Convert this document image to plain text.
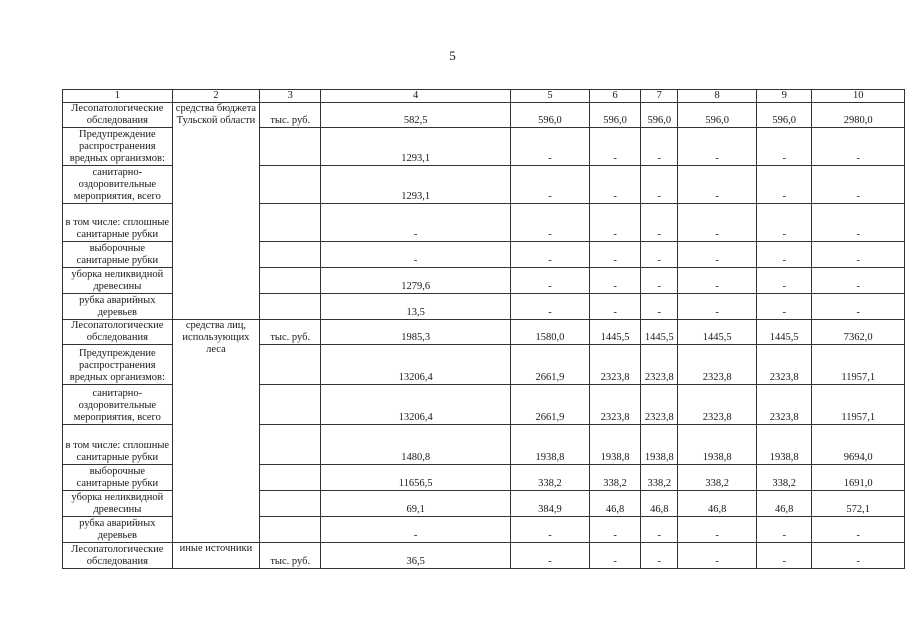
5
1	2	3	4	5	6	7	8	9	10
Лесопатологические обследования	средства бюджета Тульской области	тыс. руб.	582,5	596,0	596,0	596,0	596,0	596,0	2980,0
Предупреждение распространения вредных организмов:			1293,1	-	-	-	-	-	-
санитарно-оздоровительные мероприятия, всего			1293,1	-	-	-	-	-	-
в том числе: сплошные санитарные рубки			-	-	-	-	-	-	-
выборочные санитарные рубки			-	-	-	-	-	-	-
уборка неликвидной древесины			1279,6	-	-	-	-	-	-
рубка аварийных деревьев			13,5	-	-	-	-	-	-
Лесопатологические обследования	средства лиц, использующих леса	тыс. руб.	1985,3	1580,0	1445,5	1445,5	1445,5	1445,5	7362,0
Предупреждение распространения вредных организмов:			13206,4	2661,9	2323,8	2323,8	2323,8	2323,8	11957,1
санитарно-оздоровительные мероприятия, всего			13206,4	2661,9	2323,8	2323,8	2323,8	2323,8	11957,1
в том числе: сплошные санитарные рубки			1480,8	1938,8	1938,8	1938,8	1938,8	1938,8	9694,0
выборочные санитарные рубки			11656,5	338,2	338,2	338,2	338,2	338,2	1691,0
уборка неликвидной древесины			69,1	384,9	46,8	46,8	46,8	46,8	572,1
рубка аварийных деревьев			-	-	-	-	-	-	-
Лесопатологические обследования	иные источники	тыс. руб.	36,5	-	-	-	-	-	-
